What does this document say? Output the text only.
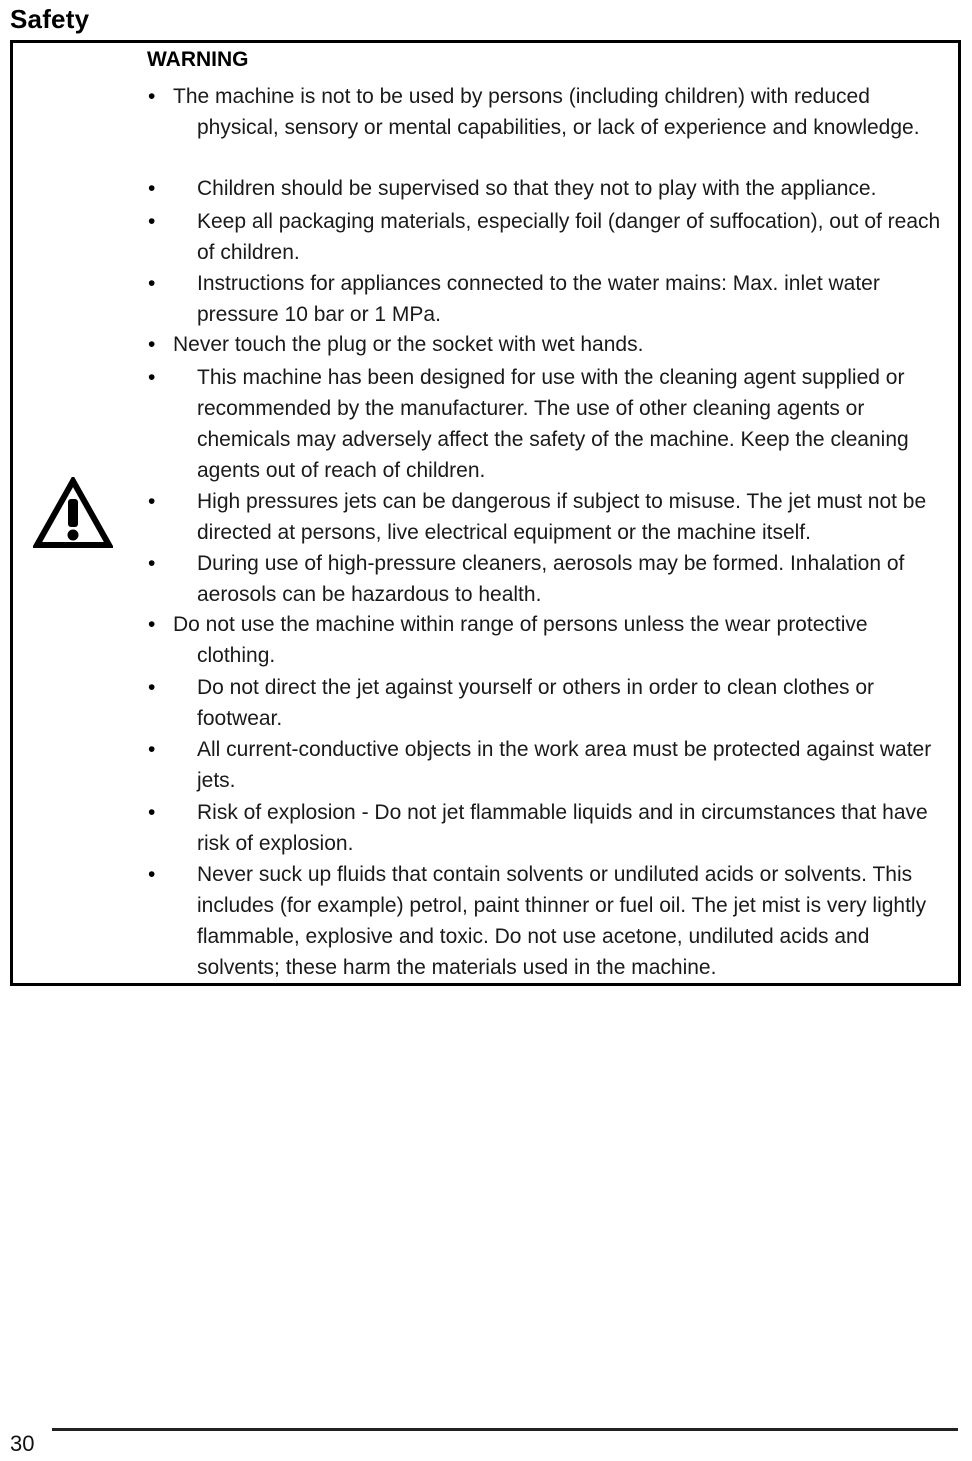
Safety
WARNING
• The machine is not to be used by persons (including children) with reduced physical, sensory or mental capabilities, or lack of experience and knowledge.
• Children should be supervised so that they not to play with the appliance.
• Keep all packaging materials, especially foil (danger of suffocation), out of reach of children.
• Instructions for appliances connected to the water mains: Max. inlet water pressure 10 bar or 1 MPa.
• Never touch the plug or the socket with wet hands.
• This machine has been designed for use with the cleaning agent supplied or recommended by the manufacturer. The use of other cleaning agents or chemicals may adversely affect the safety of the machine. Keep the cleaning agents out of reach of children.
• High pressures jets can be dangerous if subject to misuse. The jet must not be directed at persons, live electrical equipment or the machine itself.
• During use of high-pressure cleaners, aerosols may be formed. Inhalation of aerosols can be hazardous to health.
• Do not use the machine within range of persons unless the wear protective clothing.
• Do not direct the jet against yourself or others in order to clean clothes or footwear.
• All current-conductive objects in the work area must be protected against water jets.
• Risk of explosion - Do not jet flammable liquids and in circumstances that have risk of explosion.
• Never suck up fluids that contain solvents or undiluted acids or solvents. This includes (for example) petrol, paint thinner or fuel oil. The jet mist is very lightly flammable, explosive and toxic. Do not use acetone, undiluted acids and solvents; these harm the materials used in the machine.
30
